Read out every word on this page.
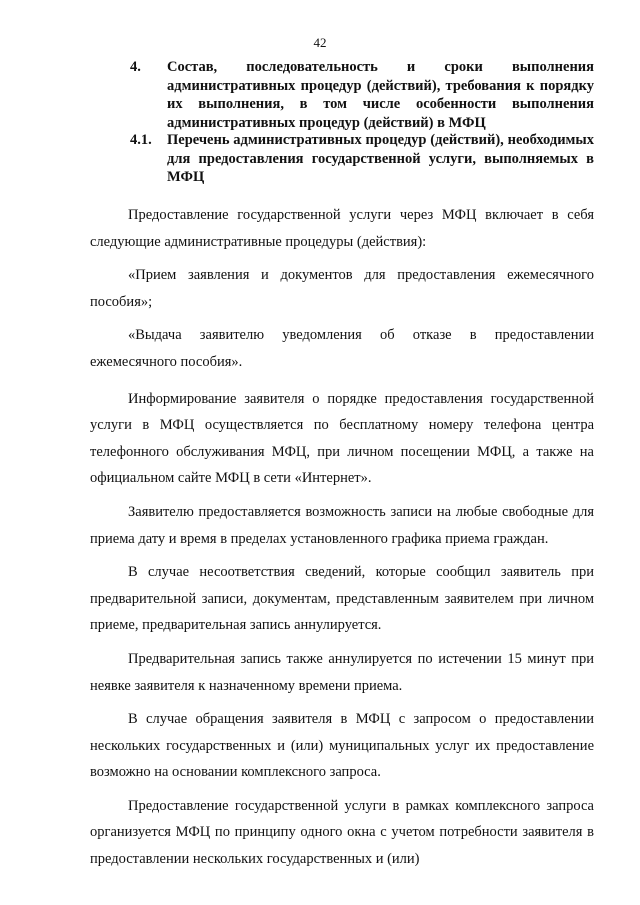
42
4. Состав, последовательность и сроки выполнения административных процедур (действий), требования к порядку их выполнения, в том числе особенности выполнения административных процедур (действий) в МФЦ
4.1. Перечень административных процедур (действий), необходимых для предоставления государственной услуги, выполняемых в МФЦ

Предоставление государственной услуги через МФЦ включает в себя следующие административные процедуры (действия):

«Прием заявления и документов для предоставления ежемесячного пособия»;

«Выдача заявителю уведомления об отказе в предоставлении ежемесячного пособия».

Информирование заявителя о порядке предоставления государственной услуги в МФЦ осуществляется по бесплатному номеру телефона центра телефонного обслуживания МФЦ, при личном посещении МФЦ, а также на официальном сайте МФЦ в сети «Интернет».

Заявителю предоставляется возможность записи на любые свободные для приема дату и время в пределах установленного графика приема граждан.

В случае несоответствия сведений, которые сообщил заявитель при предварительной записи, документам, представленным заявителем при личном приеме, предварительная запись аннулируется.

Предварительная запись также аннулируется по истечении 15 минут при неявке заявителя к назначенному времени приема.

В случае обращения заявителя в МФЦ с запросом о предоставлении нескольких государственных и (или) муниципальных услуг их предоставление возможно на основании комплексного запроса.

Предоставление государственной услуги в рамках комплексного запроса организуется МФЦ по принципу одного окна с учетом потребности заявителя в предоставлении нескольких государственных и (или)
